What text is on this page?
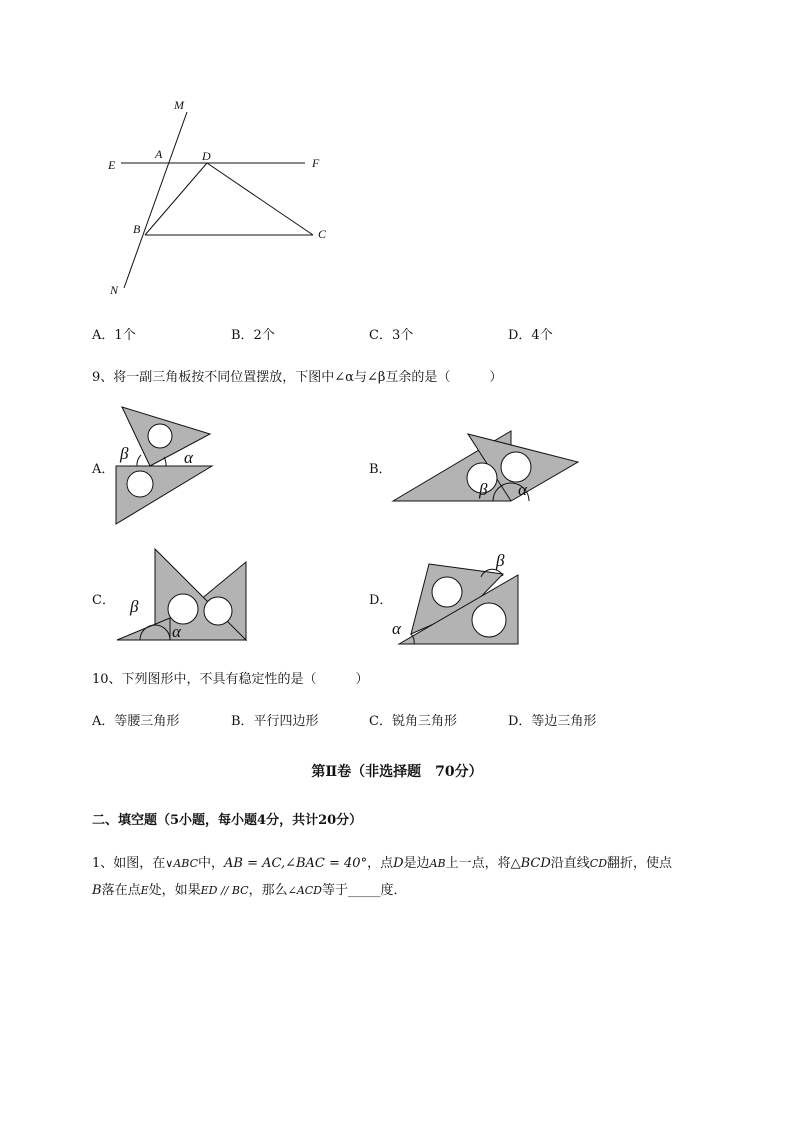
M
A	D
E	F
B	C
N
A．1个	B．2个	C．3个	D．4个
9、将一副三角板按不同位置摆放，下图中∠α与∠β互余的是（　　　）
A．	B．
C．	D．
β	α
β α
β
α
β
α
10、下列图形中，不具有稳定性的是（　　　）
A．等腰三角形	B．平行四边形	C．锐角三角形	D．等边三角形
第Ⅱ卷（非选择题　70分）
二、填空题（5小题，每小题4分，共计20分）
1、如图，在∨ABC中，AB = AC,∠BAC = 40°，点D是边AB上一点，将△BCD沿直线CD翻折，使点
B落在点E处，如果ED // BC，那么∠ACD等于_____度．
